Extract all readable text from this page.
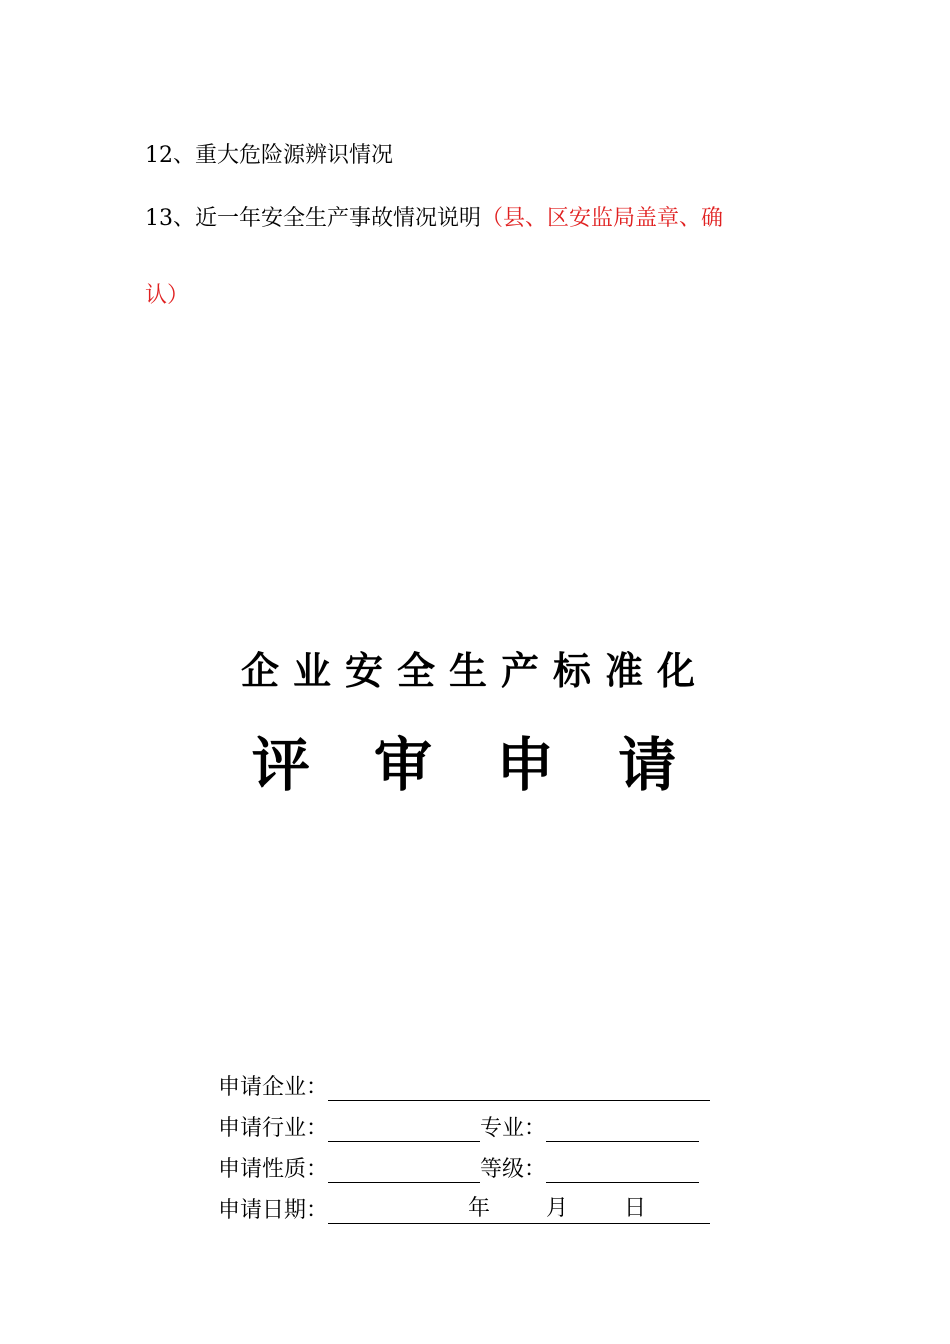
12、重大危险源辨识情况
13、近一年安全生产事故情况说明（县、区安监局盖章、确
认）
企业安全生产标准化
评 审 申 请
申请企业：
申请行业：	专业：
申请性质：	等级：
申请日期：	年	月	日
